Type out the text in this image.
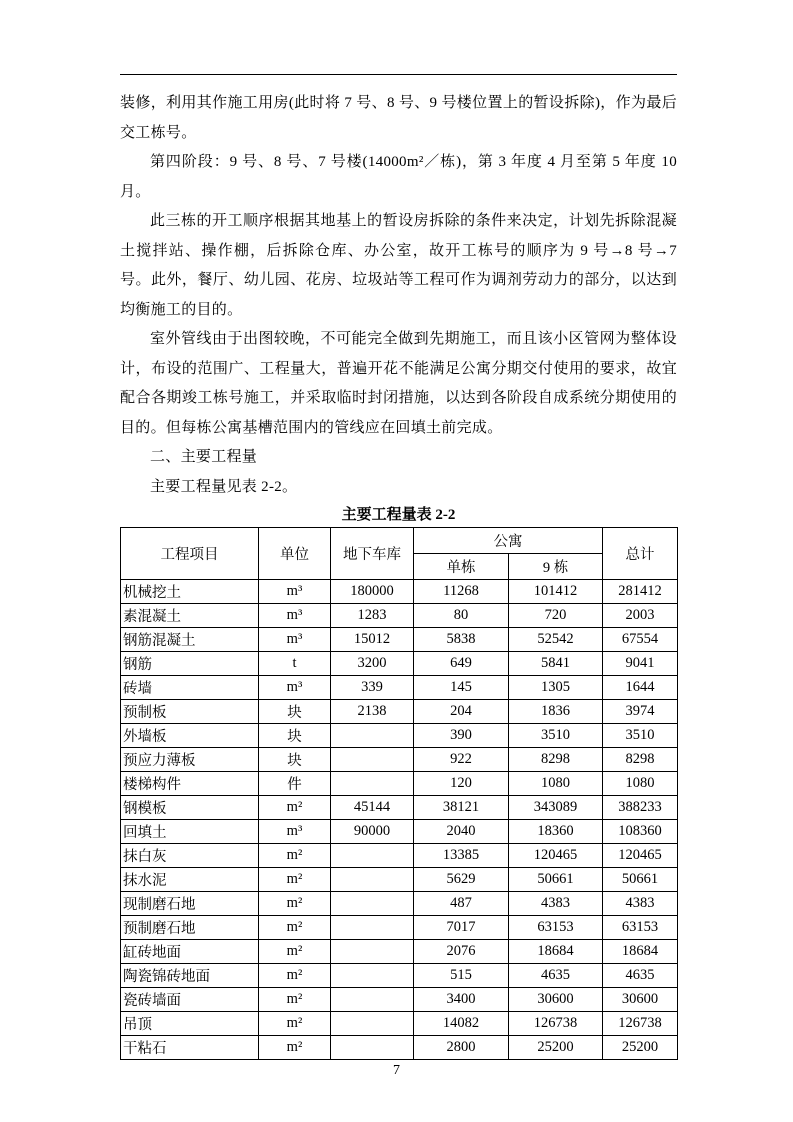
装修，利用其作施工用房(此时将 7 号、8 号、9 号楼位置上的暂设拆除)，作为最后交工栋号。

第四阶段：9 号、8 号、7 号楼(14000m²／栋)，第 3 年度 4 月至第 5 年度 10 月。

此三栋的开工顺序根据其地基上的暂设房拆除的条件来决定，计划先拆除混凝土搅拌站、操作棚，后拆除仓库、办公室，故开工栋号的顺序为 9 号→8 号→7 号。此外，餐厅、幼儿园、花房、垃圾站等工程可作为调剂劳动力的部分，以达到均衡施工的目的。

室外管线由于出图较晚，不可能完全做到先期施工，而且该小区管网为整体设计，布设的范围广、工程量大，普遍开花不能满足公寓分期交付使用的要求，故宜配合各期竣工栋号施工，并采取临时封闭措施，以达到各阶段自成系统分期使用的目的。但每栋公寓基槽范围内的管线应在回填土前完成。

二、主要工程量

主要工程量见表 2-2。

主要工程量表 2-2

工程项目	单位	地下车库	公寓		总计
			单栋	9 栋	
机械挖土	m³	180000	11268	101412	281412
素混凝土	m³	1283	80	720	2003
钢筋混凝土	m³	15012	5838	52542	67554
钢筋	t	3200	649	5841	9041
砖墙	m³	339	145	1305	1644
预制板	块	2138	204	1836	3974
外墙板	块		390	3510	3510
预应力薄板	块		922	8298	8298
楼梯构件	件		120	1080	1080
钢模板	m²	45144	38121	343089	388233
回填土	m³	90000	2040	18360	108360
抹白灰	m²		13385	120465	120465
抹水泥	m²		5629	50661	50661
现制磨石地	m²		487	4383	4383
预制磨石地	m²		7017	63153	63153
缸砖地面	m²		2076	18684	18684
陶瓷锦砖地面	m²		515	4635	4635
瓷砖墙面	m²		3400	30600	30600
吊顶	m²		14082	126738	126738
干粘石	m²		2800	25200	25200
7
